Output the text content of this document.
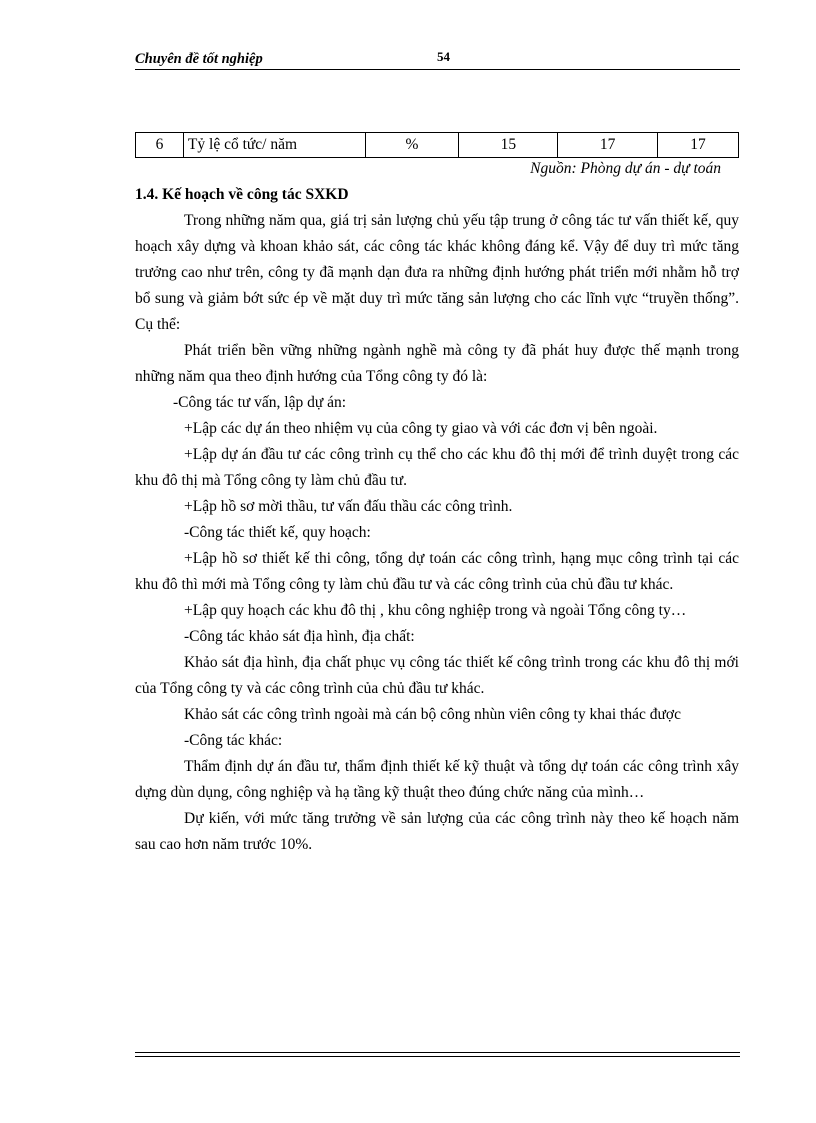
Chuyên đề tốt nghiệp	54
6	Tỷ lệ cổ tức/ năm	%	15	17	17
Nguồn: Phòng dự án - dự toán
1.4. Kế hoạch về công tác SXKD

Trong những năm qua, giá trị sản lượng chủ yếu tập trung ở công tác tư vấn thiết kế, quy hoạch xây dựng và khoan khảo sát, các công tác khác không đáng kể. Vậy để duy trì mức tăng trưởng cao như trên, công ty đã mạnh dạn đưa ra những định hướng phát triển mới nhằm hỗ trợ bổ sung và giảm bớt sức ép về mặt duy trì mức tăng sản lượng cho các lĩnh vực “truyền thống”. Cụ thể:

Phát triển bền vững những ngành nghề mà công ty đã phát huy được thế mạnh trong những năm qua theo định hướng của Tổng công ty đó là:

-Công tác tư vấn, lập dự án:

+Lập các dự án theo nhiệm vụ của công ty giao và với các đơn vị bên ngoài.

+Lập dự án đầu tư các công trình cụ thể cho các khu đô thị mới để trình duyệt trong các khu đô thị mà Tổng công ty làm chủ đầu tư.

+Lập hồ sơ mời thầu, tư vấn đấu thầu các công trình.

-Công tác thiết kế, quy hoạch:

+Lập hồ sơ thiết kế thi công, tổng dự toán các công trình, hạng mục công trình tại các khu đô thì mới mà Tổng công ty làm chủ đầu tư và các công trình của chủ đầu tư khác.

+Lập quy hoạch các khu đô thị , khu công nghiệp trong và ngoài Tổng công ty…

-Công tác khảo sát địa hình, địa chất:

Khảo sát địa hình, địa chất phục vụ công tác thiết kế công trình trong các khu đô thị mới của Tổng công ty và các công trình của chủ đầu tư khác.

Khảo sát các công trình ngoài mà cán bộ công nhùn viên công ty khai thác được

-Công tác khác:

Thẩm định dự án đầu tư, thẩm định thiết kế kỹ thuật và tổng dự toán các công trình xây dựng dùn dụng, công nghiệp và hạ tầng kỹ thuật theo đúng chức năng của mình…

Dự kiến, với mức tăng trưởng về sản lượng của các công trình này theo kế hoạch năm sau cao hơn năm trước 10%.
